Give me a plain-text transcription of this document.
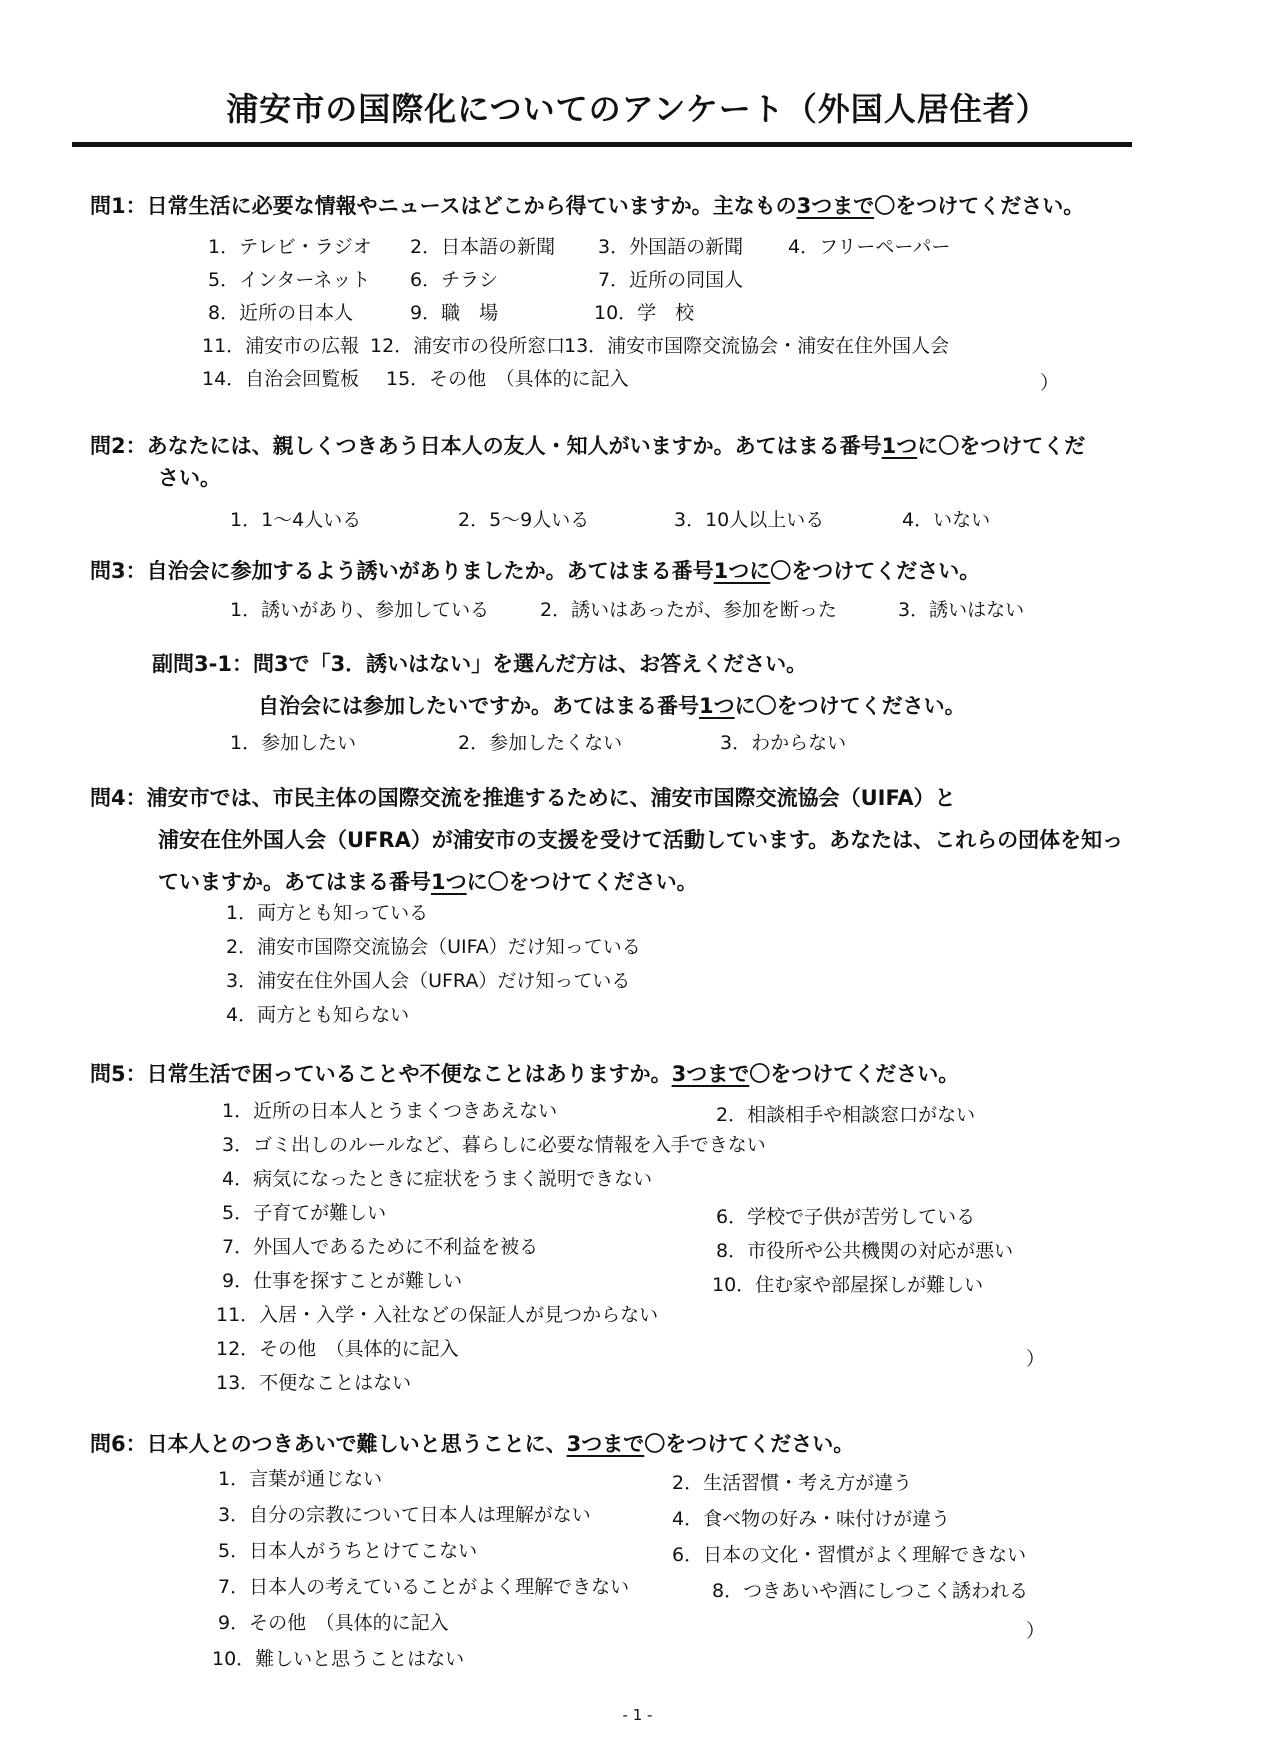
浦安市の国際化についてのアンケート（外国人居住者）
問1：日常生活に必要な情報やニュースはどこから得ていますか。主なもの3つまで〇をつけてください。
1．テレビ・ラジオ 2．日本語の新聞 3．外国語の新聞 4．フリーペーパー
5．インターネット 6．チラシ	7．近所の同国人
8．近所の日本人	9．職　場	10．学　校
11．浦安市の広報 12．浦安市の役所窓口
13．浦安市国際交流協会・浦安在住外国人会
14．自治会回覧板 15．その他　（具体的に記入	）
問2：あなたには、親しくつきあう日本人の友人・知人がいますか。あてはまる番号1つに〇をつけてくだ
さい。
1．1～4人いる	2．5～9人いる	3．10人以上いる	4．いない
問3：自治会に参加するよう誘いがありましたか。あてはまる番号1つに〇をつけてください。
1．誘いがあり、参加している	2．誘いはあったが、参加を断った	3．誘いはない
副問3-1：問3で「3．誘いはない」を選んだ方は、お答えください。
自治会には参加したいですか。あてはまる番号1つに〇をつけてください。
1．参加したい	2．参加したくない	3．わからない
問4：浦安市では、市民主体の国際交流を推進するために、浦安市国際交流協会（UIFA）と
浦安在住外国人会（UFRA）が浦安市の支援を受けて活動しています。あなたは、これらの団体を知っ
ていますか。あてはまる番号1つに〇をつけてください。
1．両方とも知っている
2．浦安市国際交流協会（UIFA）だけ知っている
3．浦安在住外国人会（UFRA）だけ知っている
4．両方とも知らない
問5：日常生活で困っていることや不便なことはありますか。3つまで〇をつけてください。
1．近所の日本人とうまくつきあえない	2．相談相手や相談窓口がない
3．ゴミ出しのルールなど、暮らしに必要な情報を入手できない
4．病気になったときに症状をうまく説明できない
5．子育てが難しい	6．学校で子供が苦労している
7．外国人であるために不利益を被る	8．市役所や公共機関の対応が悪い
9．仕事を探すことが難しい	10．住む家や部屋探しが難しい
11．入居・入学・入社などの保証人が見つからない
12．その他　（具体的に記入	）
13．不便なことはない
問6：日本人とのつきあいで難しいと思うことに、3つまで〇をつけてください。
1．言葉が通じない	2．生活習慣・考え方が違う
3．自分の宗教について日本人は理解がない	4．食べ物の好み・味付けが違う
5．日本人がうちとけてこない	6．日本の文化・習慣がよく理解できない
7．日本人の考えていることがよく理解できない	8．つきあいや酒にしつこく誘われる
9．その他　（具体的に記入	）
10．難しいと思うことはない
- 1 -
